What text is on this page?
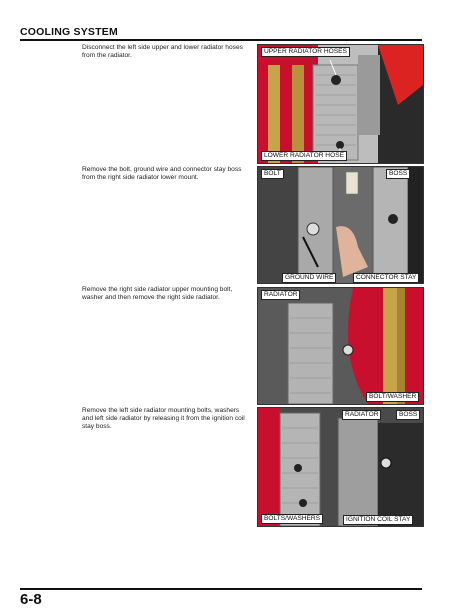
COOLING SYSTEM
Disconnect the left side upper and lower radiator hoses from the radiator.
UPPER RADIATOR HOSES
LOWER RADIATOR HOSE
Remove the bolt, ground wire and connector stay boss from the right side radiator lower mount.
BOLT	BOSS
GROUND WIRE	CONNECTOR STAY
Remove the right side radiator upper mounting bolt, washer and then remove the right side radiator.	RADIATOR
BOLT/WASHER
Remove the left side radiator mounting bolts, washers and left side radiator by releasing it from the ignition coil stay boss.
RADIATOR	BOSS
BOLTS/WASHERS	IGNITION COIL STAY
6-8
